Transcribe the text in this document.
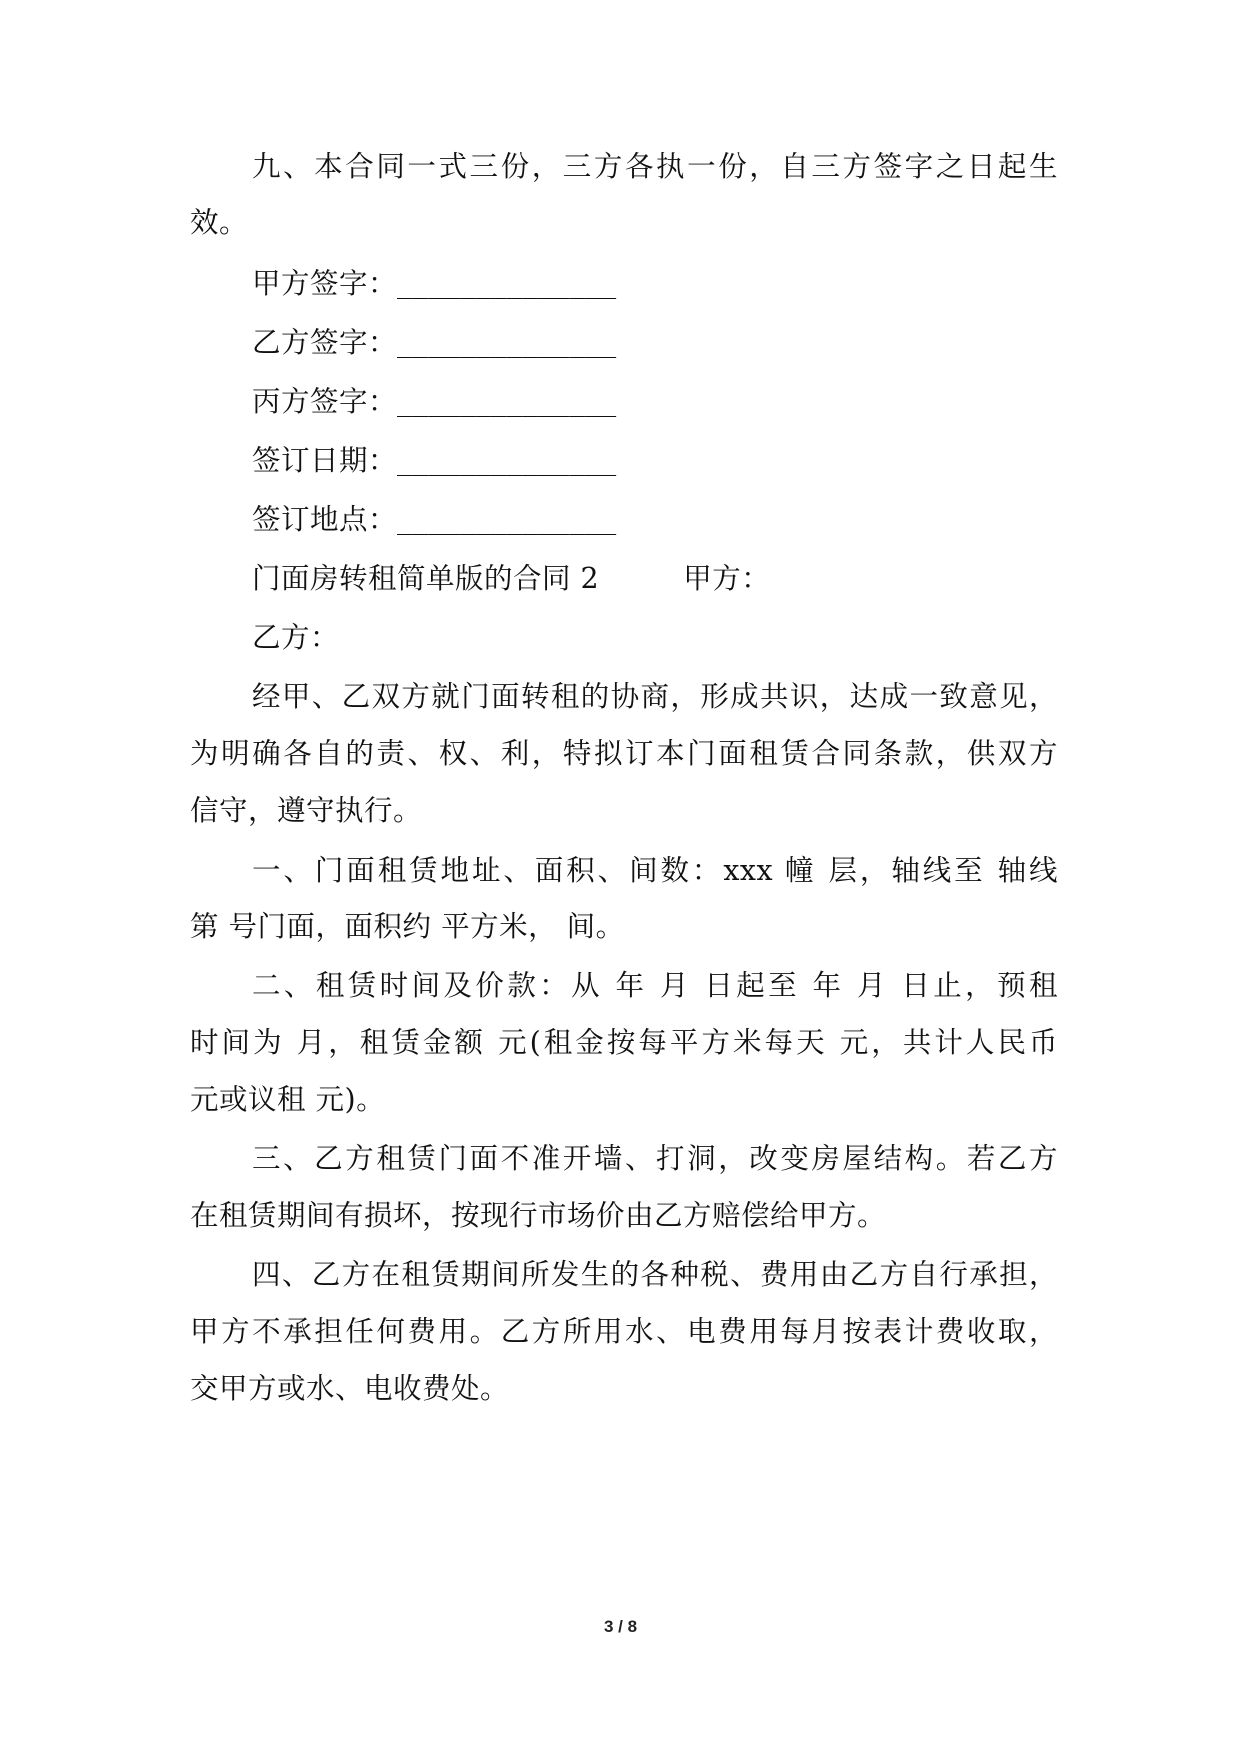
九、本合同一式三份，三方各执一份，自三方签字之日起生
效。
甲方签字：______________
乙方签字：______________
丙方签字：______________
签订日期：______________
签订地点：______________
门面房转租简单版的合同 2	甲方：
乙方：
经甲、乙双方就门面转租的协商，形成共识，达成一致意见，
为明确各自的责、权、利，特拟订本门面租赁合同条款，供双方
信守，遵守执行。
一、门面租赁地址、面积、间数：xxx 幢 层，轴线至 轴线
第 号门面，面积约 平方米， 间。
二、租赁时间及价款：从 年 月 日起至 年 月 日止，预租
时间为 月，租赁金额 元(租金按每平方米每天 元，共计人民币
元或议租 元)。
三、乙方租赁门面不准开墙、打洞，改变房屋结构。若乙方
在租赁期间有损坏，按现行市场价由乙方赔偿给甲方。
四、乙方在租赁期间所发生的各种税、费用由乙方自行承担，
甲方不承担任何费用。乙方所用水、电费用每月按表计费收取，
交甲方或水、电收费处。
3 / 8
